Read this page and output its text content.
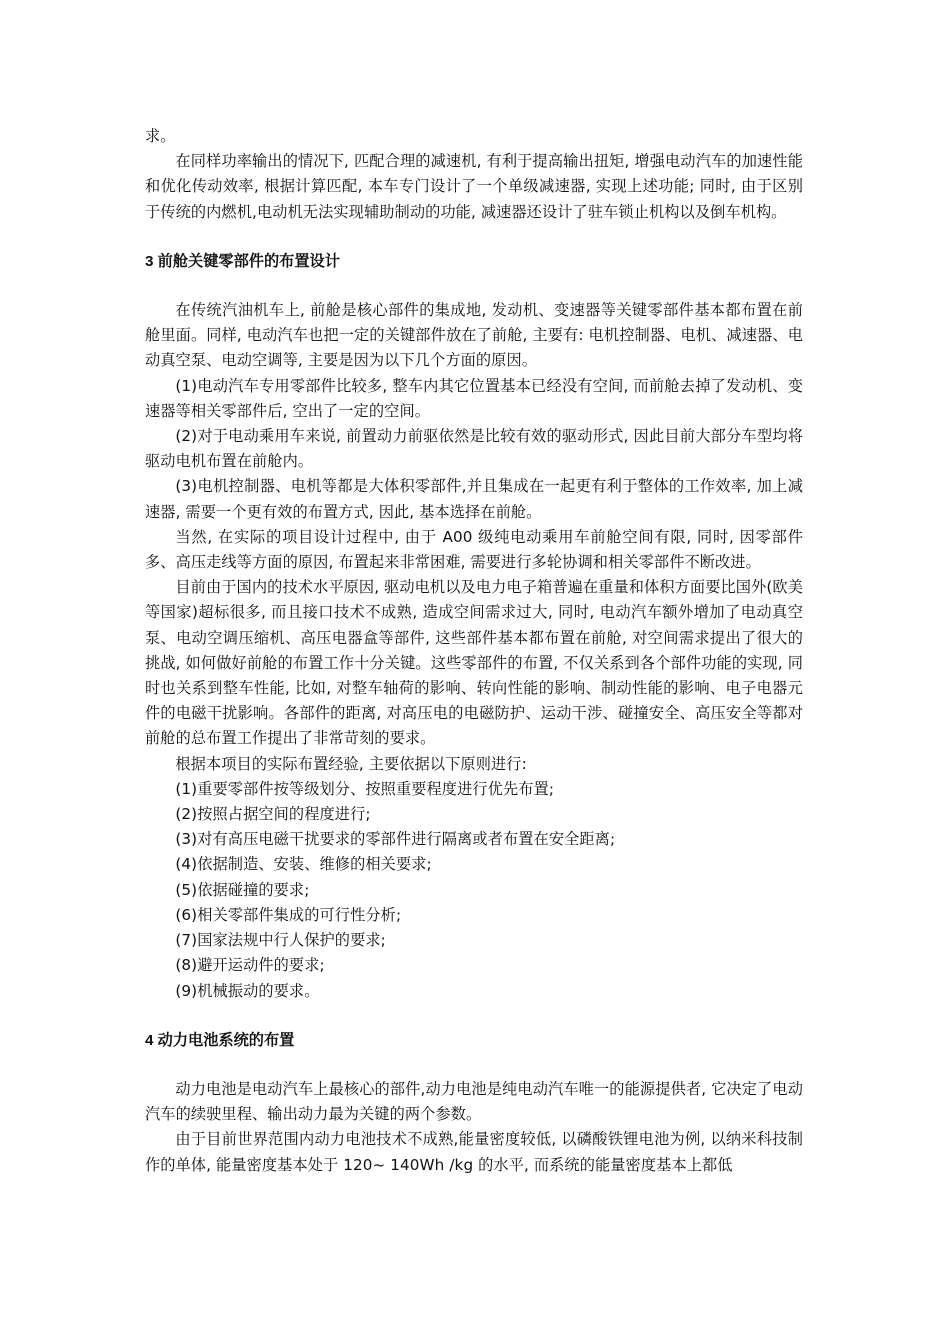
求。

在同样功率输出的情况下, 匹配合理的减速机, 有利于提高输出扭矩, 增强电动汽车的加速性能和优化传动效率, 根据计算匹配, 本车专门设计了一个单级减速器, 实现上述功能; 同时, 由于区别于传统的内燃机,电动机无法实现辅助制动的功能, 减速器还设计了驻车锁止机构以及倒车机构。

3 前舱关键零部件的布置设计

在传统汽油机车上, 前舱是核心部件的集成地, 发动机、变速器等关键零部件基本都布置在前舱里面。同样, 电动汽车也把一定的关键部件放在了前舱, 主要有: 电机控制器、电机、减速器、电动真空泵、电动空调等, 主要是因为以下几个方面的原因。

(1)电动汽车专用零部件比较多, 整车内其它位置基本已经没有空间, 而前舱去掉了发动机、变速器等相关零部件后, 空出了一定的空间。

(2)对于电动乘用车来说, 前置动力前驱依然是比较有效的驱动形式, 因此目前大部分车型均将驱动电机布置在前舱内。

(3)电机控制器、电机等都是大体积零部件,并且集成在一起更有利于整体的工作效率, 加上减速器, 需要一个更有效的布置方式, 因此, 基本选择在前舱。

当然, 在实际的项目设计过程中, 由于 A00 级纯电动乘用车前舱空间有限, 同时, 因零部件多、高压走线等方面的原因, 布置起来非常困难, 需要进行多轮协调和相关零部件不断改进。

目前由于国内的技术水平原因, 驱动电机以及电力电子箱普遍在重量和体积方面要比国外(欧美等国家)超标很多, 而且接口技术不成熟, 造成空间需求过大, 同时, 电动汽车额外增加了电动真空泵、电动空调压缩机、高压电器盒等部件, 这些部件基本都布置在前舱, 对空间需求提出了很大的挑战, 如何做好前舱的布置工作十分关键。这些零部件的布置, 不仅关系到各个部件功能的实现, 同时也关系到整车性能, 比如, 对整车轴荷的影响、转向性能的影响、制动性能的影响、电子电器元件的电磁干扰影响。各部件的距离, 对高压电的电磁防护、运动干涉、碰撞安全、高压安全等都对前舱的总布置工作提出了非常苛刻的要求。

根据本项目的实际布置经验, 主要依据以下原则进行:

(1)重要零部件按等级划分、按照重要程度进行优先布置;

(2)按照占据空间的程度进行;

(3)对有高压电磁干扰要求的零部件进行隔离或者布置在安全距离;

(4)依据制造、安装、维修的相关要求;

(5)依据碰撞的要求;

(6)相关零部件集成的可行性分析;

(7)国家法规中行人保护的要求;

(8)避开运动件的要求;

(9)机械振动的要求。

4 动力电池系统的布置

动力电池是电动汽车上最核心的部件,动力电池是纯电动汽车唯一的能源提供者, 它决定了电动汽车的续驶里程、输出动力最为关键的两个参数。

由于目前世界范围内动力电池技术不成熟,能量密度较低, 以磷酸铁锂电池为例, 以纳米科技制作的单体, 能量密度基本处于 120~ 140Wh /kg 的水平, 而系统的能量密度基本上都低
